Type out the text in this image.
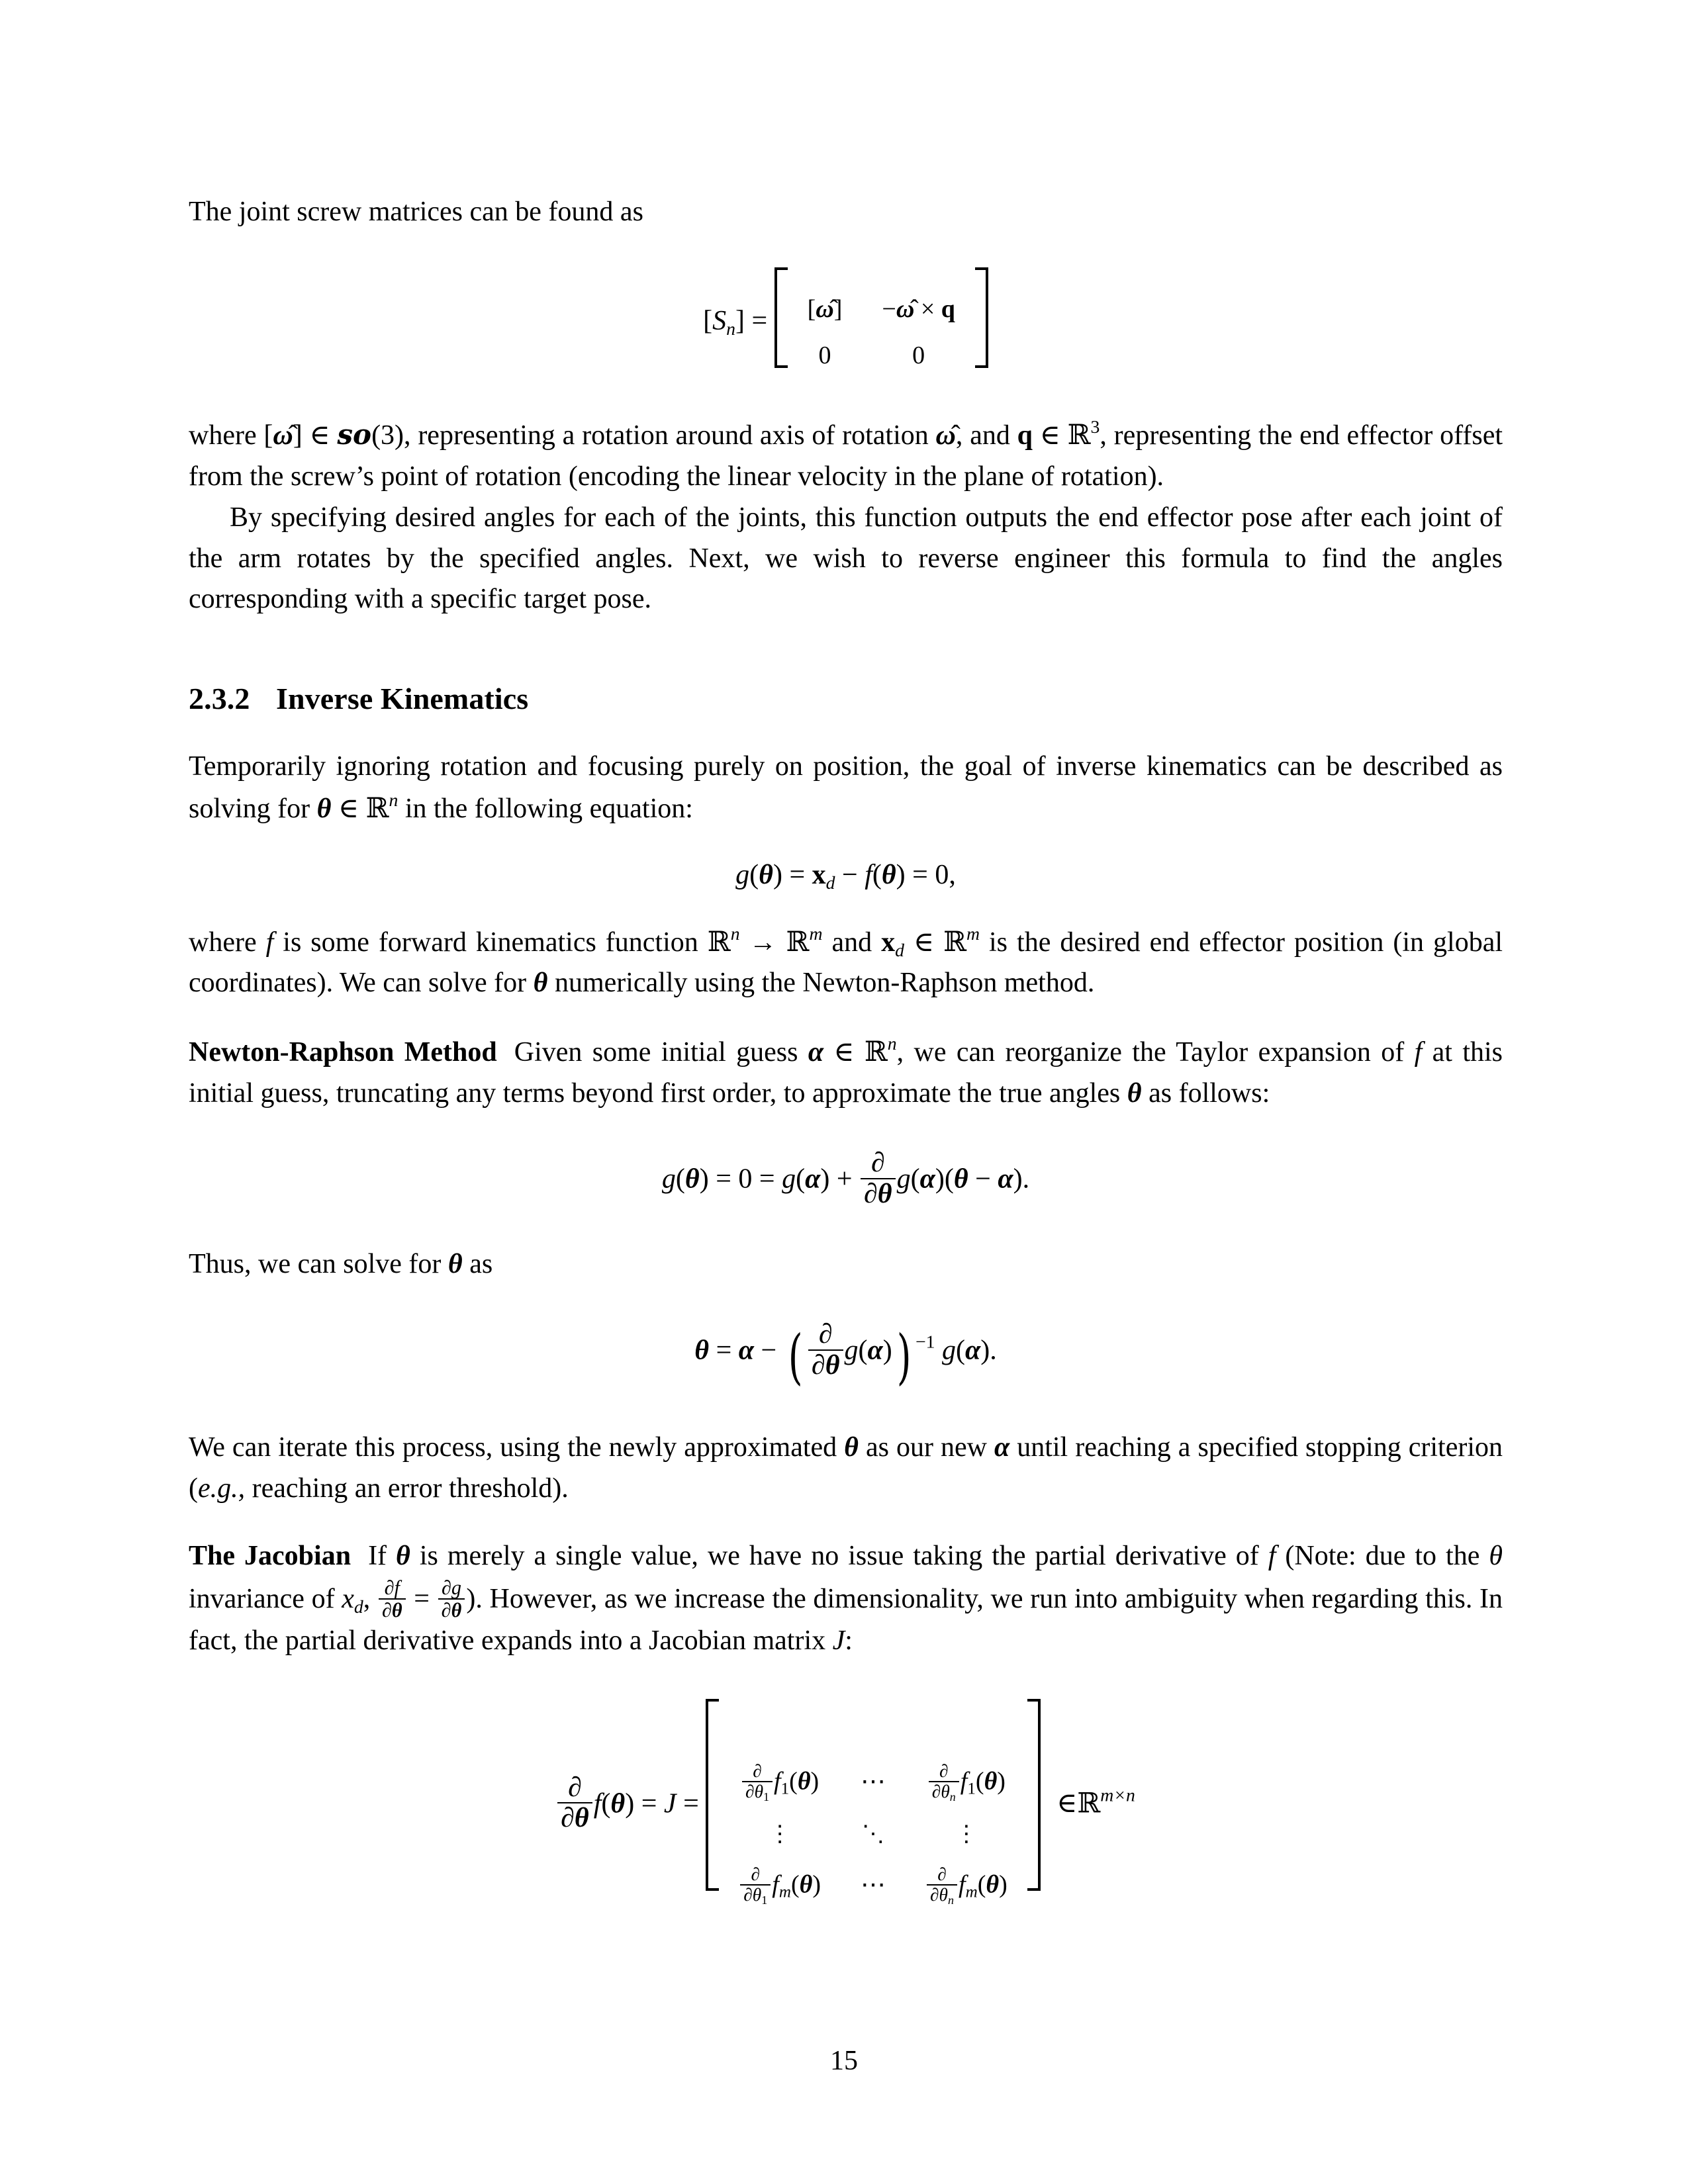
The joint screw matrices can be found as

$[S_n]$ = [ω̂]	−ω̂ × q
0	0

where [ω] ∈ so(3), representing a rotation around axis of rotation ω, and q ∈ ℝ$^3$, representing the end effector offset from the screw’s point of rotation (encoding the linear velocity in the plane of rotation).

By specifying desired angles for each of the joints, this function outputs the end effector pose after each joint of the arm rotates by the specified angles. Next, we wish to reverse engineer this formula to find the angles corresponding with a specific target pose.

2.3.2 Inverse Kinematics

Temporarily ignoring rotation and focusing purely on position, the goal of inverse kinematics can be described as solving for θ ∈ ℝ$^n$ in the following equation:

$g(\theta) = x_d - f(\theta) = 0$,

where f is some forward kinematics function ℝ$^n$ → ℝ$^m$ and $x_d$ ∈ ℝ$^m$ is the desired end effector position (in global coordinates). We can solve for θ numerically using the Newton-Raphson method.

Newton-Raphson Method Given some initial guess α ∈ ℝ$^n$, we can reorganize the Taylor expansion of f at this initial guess, truncating any terms beyond first order, to approximate the true angles θ as follows:

$g(\theta) = 0 = g(\alpha) + \frac{\partial}{\partial\theta} g(\alpha)(\theta - \alpha)$.

Thus, we can solve for θ as

θ = α − ( $\frac{\partial}{\partial\theta} g(\alpha)$) $^{-1}$ g(α).

We can iterate this process, using the newly approximated θ as our new α until reaching a specified stopping criterion (e.g., reaching an error threshold).

The Jacobian If θ is merely a single value, we have no issue taking the partial derivative of f (Note: due to the θ invariance of $x_d$, $\frac{\partial f}{\partial\theta} = \frac{\partial g}{\partial\theta}$ ). However, as we increase the dimensionality, we run into ambiguity when regarding this. In fact, the partial derivative expands into a Jacobian matrix J:

$\frac{\partial}{\partial\theta} f(\theta) = J$ =
$\frac{\partial}{\partial\theta_1} f_1(\theta)$	⋯	$\frac{\partial}{\partial\theta_n} f_1(\theta)$
⋮	⋱	⋮

$\frac{\partial}{\partial\theta_1} f_m(\theta)$	⋯	$\frac{\partial}{\partial\theta_n} f_m(\theta)$ ∈ℝ$^{m\times n}$
15
